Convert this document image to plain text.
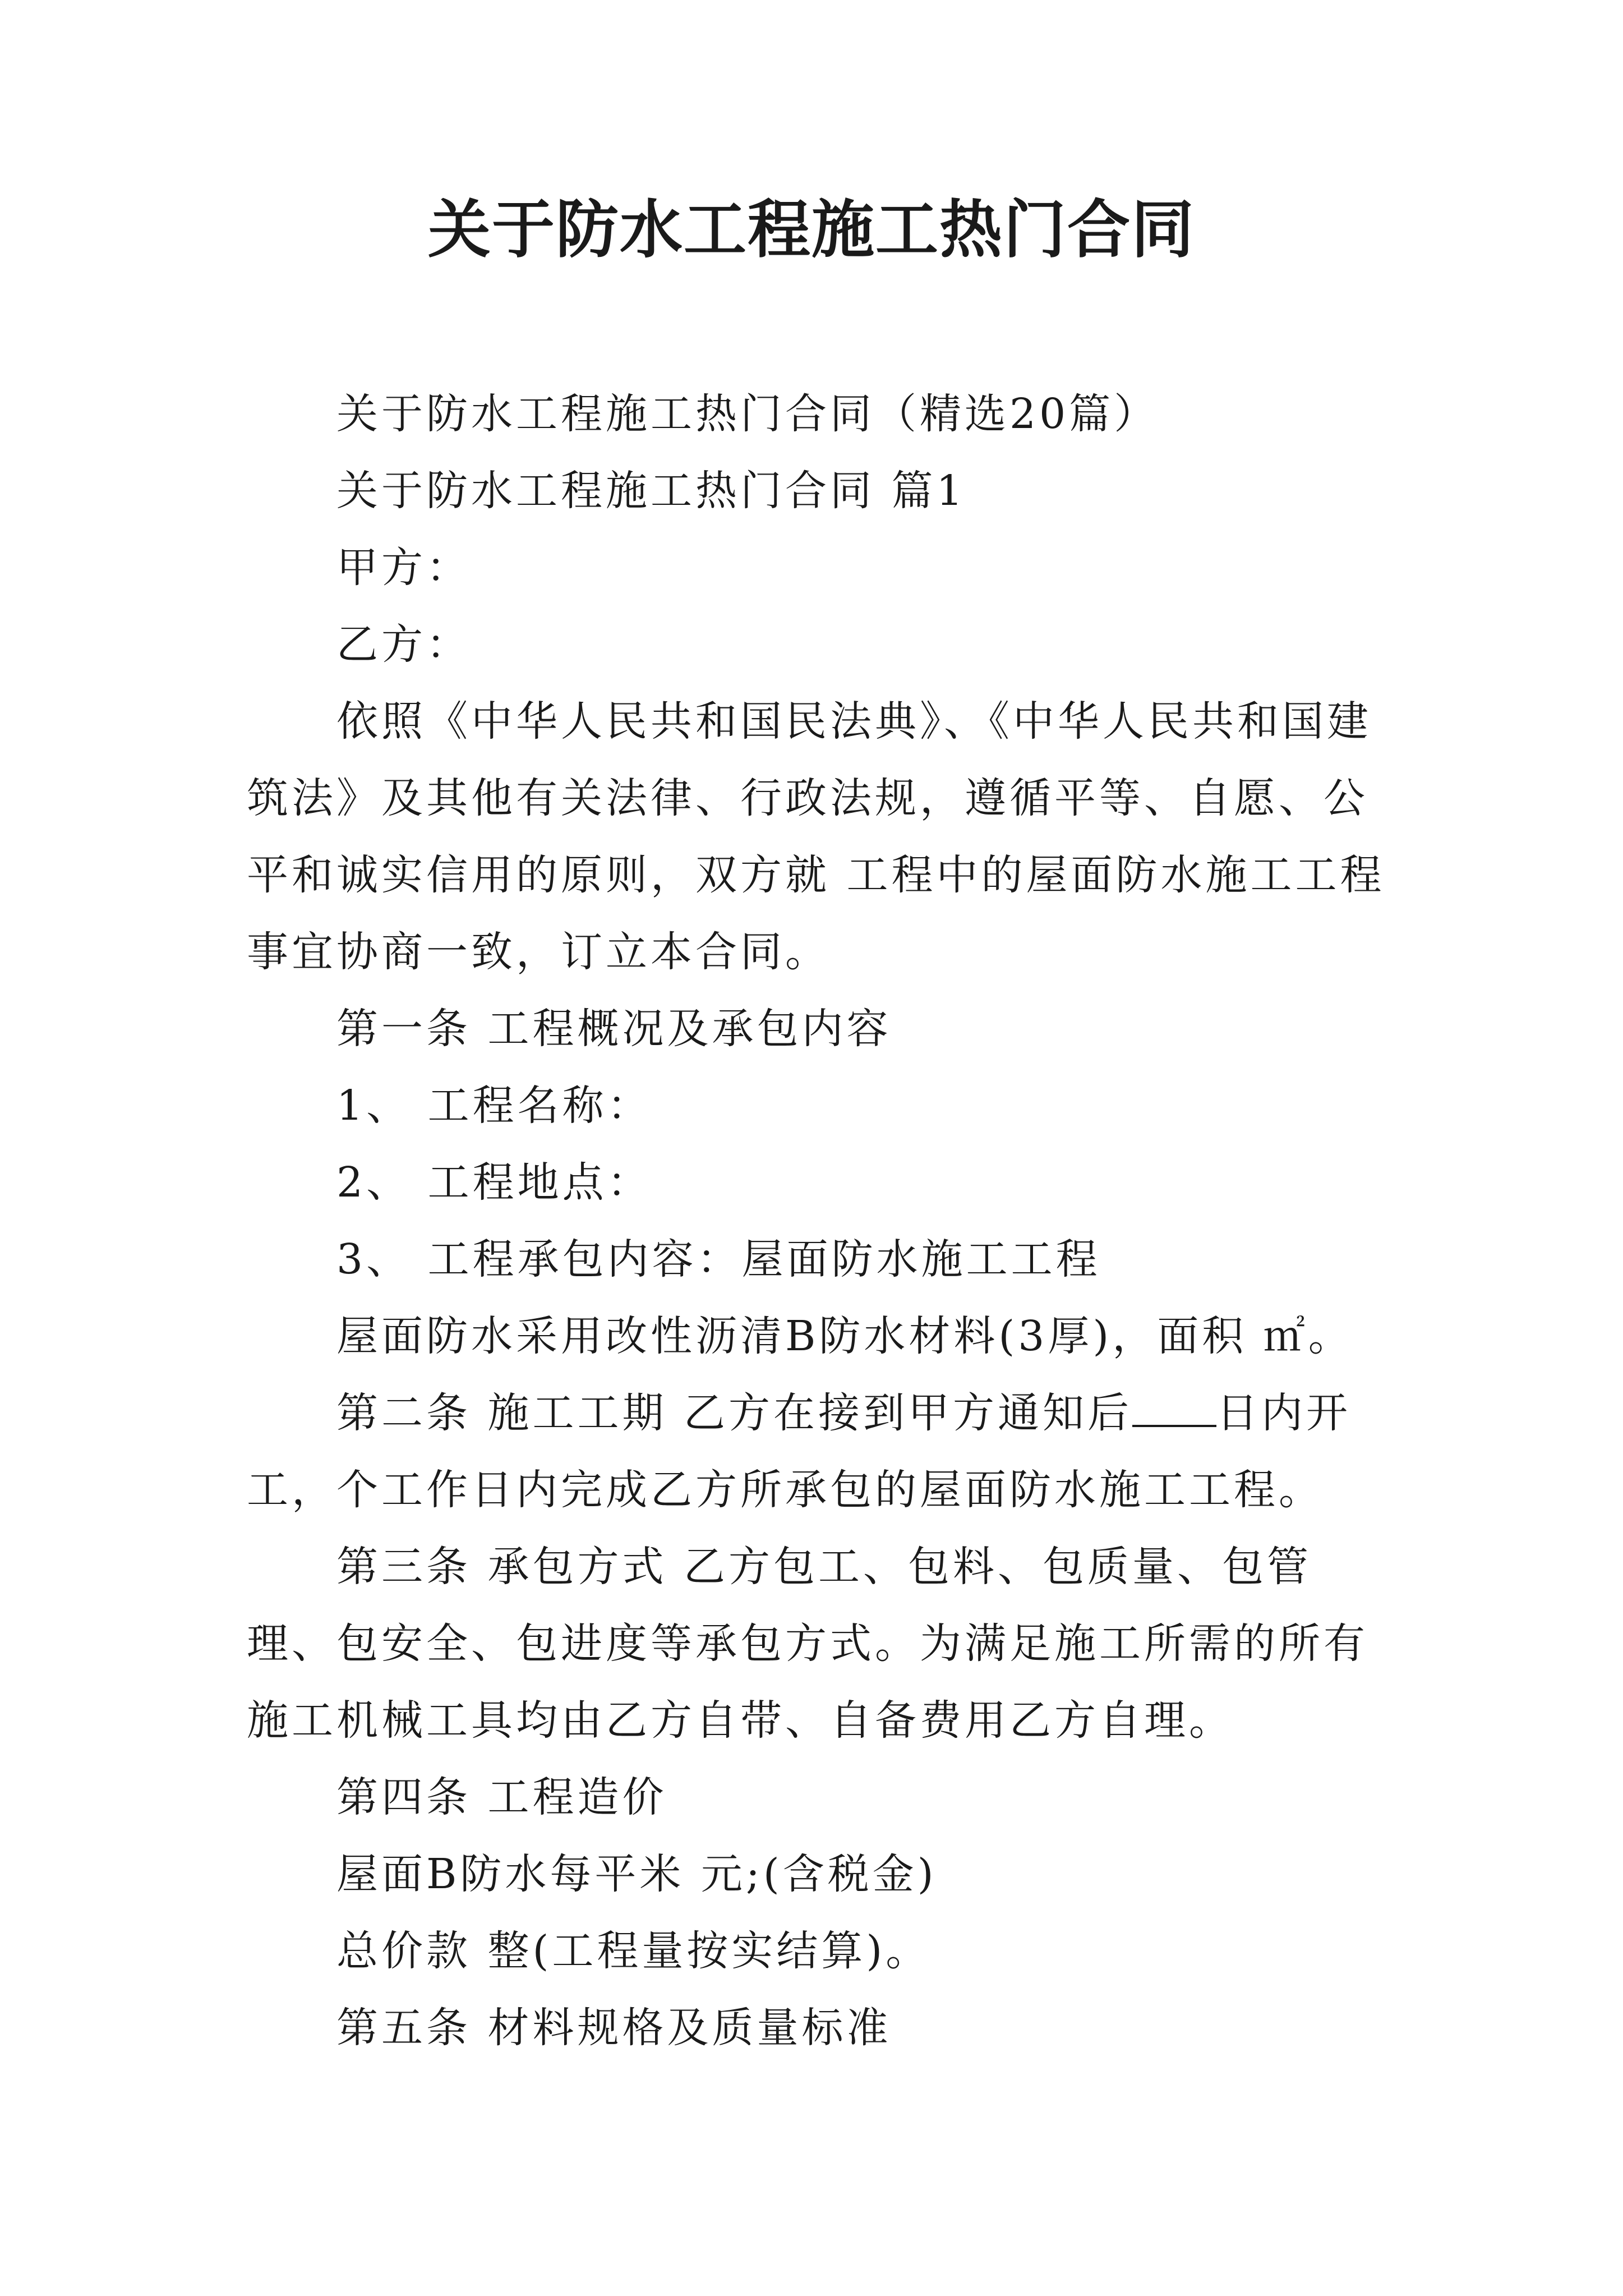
关于防水工程施工热门合同

关于防水工程施工热门合同（精选20篇）

关于防水工程施工热门合同 篇1

甲方：

乙方：

依照《中华人民共和国民法典》、《中华人民共和国建筑法》及其他有关法律、行政法规，遵循平等、自愿、公平和诚实信用的原则，双方就 工程中的屋面防水施工工程事宜协商一致，订立本合同。

第一条 工程概况及承包内容

1、 工程名称：

2、 工程地点：

3、 工程承包内容：屋面防水施工工程

屋面防水采用改性沥清B防水材料(3厚)，面积 ㎡。

第二条 施工工期 乙方在接到甲方通知后 日内开工，个工作日内完成乙方所承包的屋面防水施工工程。

第三条 承包方式 乙方包工、包料、包质量、包管理、包安全、包进度等承包方式。为满足施工所需的所有施工机械工具均由乙方自带、自备费用乙方自理。

第四条 工程造价

屋面B防水每平米 元;(含税金)

总价款 整(工程量按实结算)。

第五条 材料规格及质量标准
